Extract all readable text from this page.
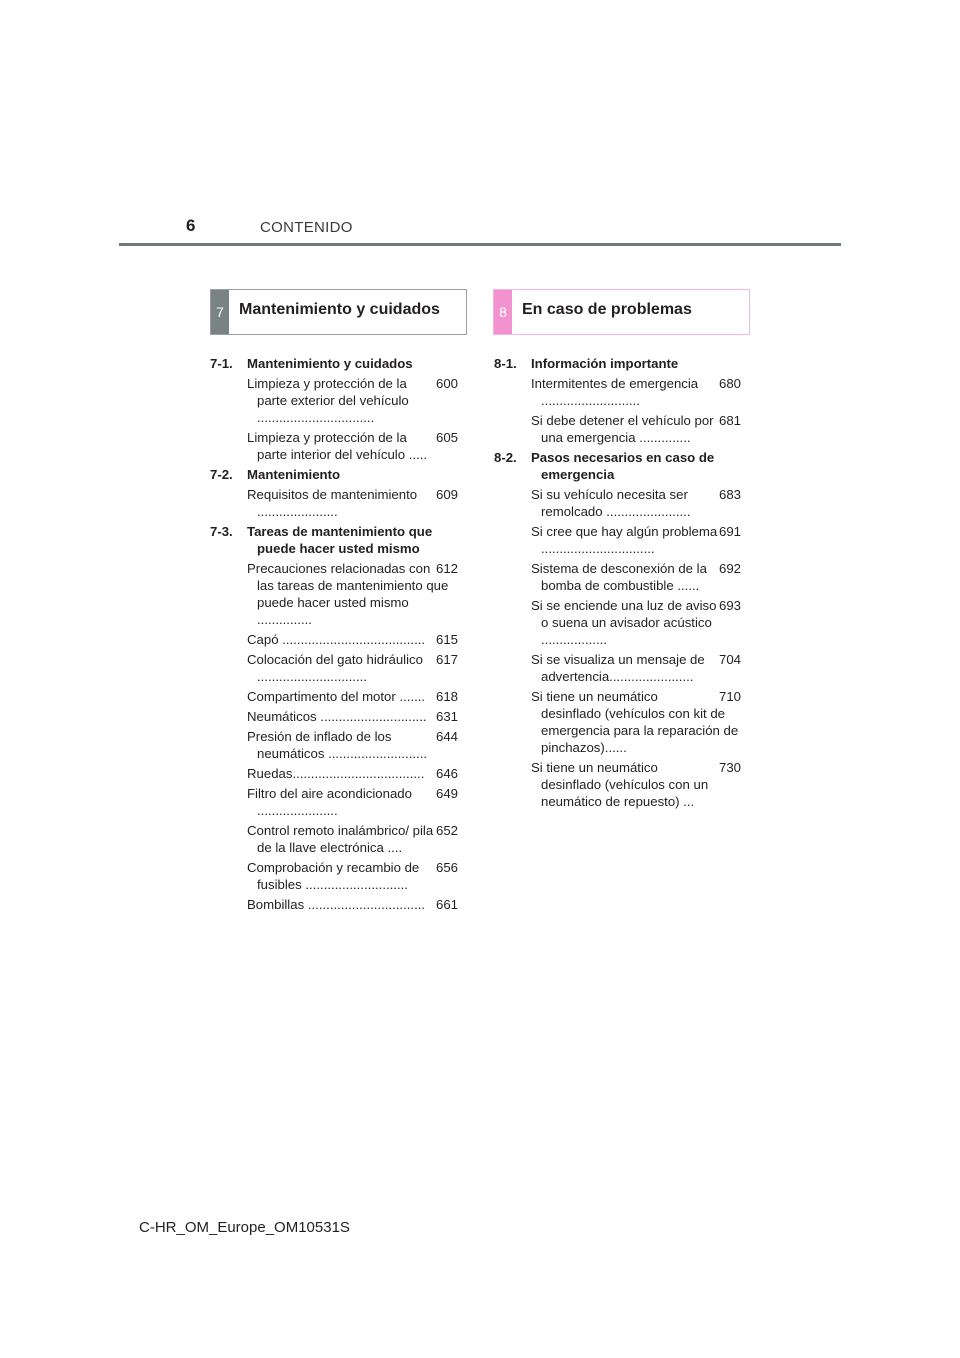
6	CONTENIDO
7 Mantenimiento y cuidados	8 En caso de problemas
7-1. Mantenimiento y cuidados
600
Limpieza y protección de la parte exterior del vehículo ................................
605
Limpieza y protección de la parte interior del vehículo .....
7-2. Mantenimiento
609
Requisitos de mantenimiento ......................
7-3. Tareas de mantenimiento que puede hacer usted mismo
612
Precauciones relacionadas con las tareas de mantenimiento que puede hacer usted mismo ...............
615
Capó .......................................
617
Colocación del gato hidráulico ..............................
618
Compartimento del motor .......
631
Neumáticos .............................
644
Presión de inflado de los neumáticos ...........................
646
Ruedas....................................
649
Filtro del aire acondicionado ......................
652
Control remoto inalámbrico/ pila de la llave electrónica ....
656
Comprobación y recambio de fusibles ............................
661
Bombillas ................................
8-1. Información importante
680
Intermitentes de emergencia ...........................
681
Si debe detener el vehículo por una emergencia ..............
8-2. Pasos necesarios en caso de emergencia
683
Si su vehículo necesita ser remolcado .......................
691
Si cree que hay algún problema ...............................
692
Sistema de desconexión de la bomba de combustible ......
693
Si se enciende una luz de aviso o suena un avisador acústico ..................
704
Si se visualiza un mensaje de advertencia.......................
710
Si tiene un neumático desinflado (vehículos con kit de emergencia para la reparación de pinchazos)......
730
Si tiene un neumático desinflado (vehículos con un neumático de repuesto) ...
C-HR_OM_Europe_OM10531S
